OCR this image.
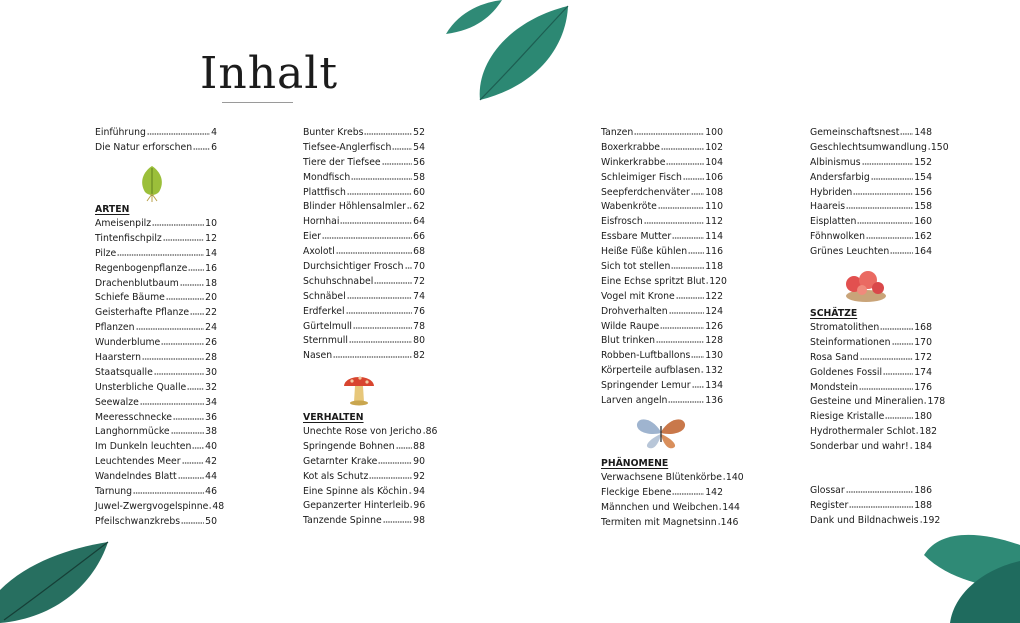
Inhalt
Einführung	4
Die Natur erforschen 6
ARTEN
Ameisenpilz	10
Tintenfischpilz	12
Pilze	14
Regenbogenpflanze 16
Drachenblutbaum	18
Schiefe Bäume	20
Geisterhafte Pflanze 22
Pflanzen	24
Wunderblume	26
Haarstern	28
Staatsqualle	30
Unsterbliche Qualle 32
Seewalze	34
Meeresschnecke	36
Langhornmücke	38
Im Dunkeln leuchten 40
Leuchtendes Meer	42
Wandelndes Blatt	44
Tarnung	46
Juwel-Zwergvogelspinne 48
Pfeilschwanzkrebs	50
Bunter Krebs	52
Tiefsee-Anglerfisch 54
Tiere der Tiefsee	56
Mondfisch	58
Plattfisch	60
Blinder Höhlensalmler 62
Hornhai	64
Eier	66
Axolotl	68
Durchsichtiger Frosch 70
Schuhschnabel	72
Schnäbel	74
Erdferkel	76
Gürtelmull	78
Sternmull	80
Nasen	82
VERHALTEN
Unechte Rose von Jericho 86
Springende Bohnen 88
Getarnter Krake	90
Kot als Schutz	92
Eine Spinne als Köchin 94
Gepanzerter Hinterleib 96
Tanzende Spinne	98
Tanzen	100
Boxerkrabbe	102
Winkerkrabbe	104
Schleimiger Fisch	106
Seepferdchenväter 108
Wabenkröte	110
Eisfrosch	112
Essbare Mutter	114
Heiße Füße kühlen 116
Sich tot stellen	118
Eine Echse spritzt Blut 120
Vogel mit Krone	122
Drohverhalten	124
Wilde Raupe	126
Blut trinken	128
Robben-Luftballons 130
Körperteile aufblasen 132
Springender Lemur 134
Larven angeln	136
PHÄNOMENE
Verwachsene Blütenkörbe 140
Fleckige Ebene	142
Männchen und Weibchen 144
Termiten mit Magnetsinn 146
Gemeinschaftsnest 148
Geschlechtsumwandlung 150
Albinismus	152
Andersfarbig	154
Hybriden	156
Haareis	158
Eisplatten	160
Föhnwolken	162
Grünes Leuchten	164
SCHÄTZE
Stromatolithen	168
Steinformationen	170
Rosa Sand	172
Goldenes Fossil	174
Mondstein	176
Gesteine und Mineralien 178
Riesige Kristalle	180
Hydrothermaler Schlot 182
Sonderbar und wahr! 184
Glossar	186
Register	188
Dank und Bildnachweis 192
